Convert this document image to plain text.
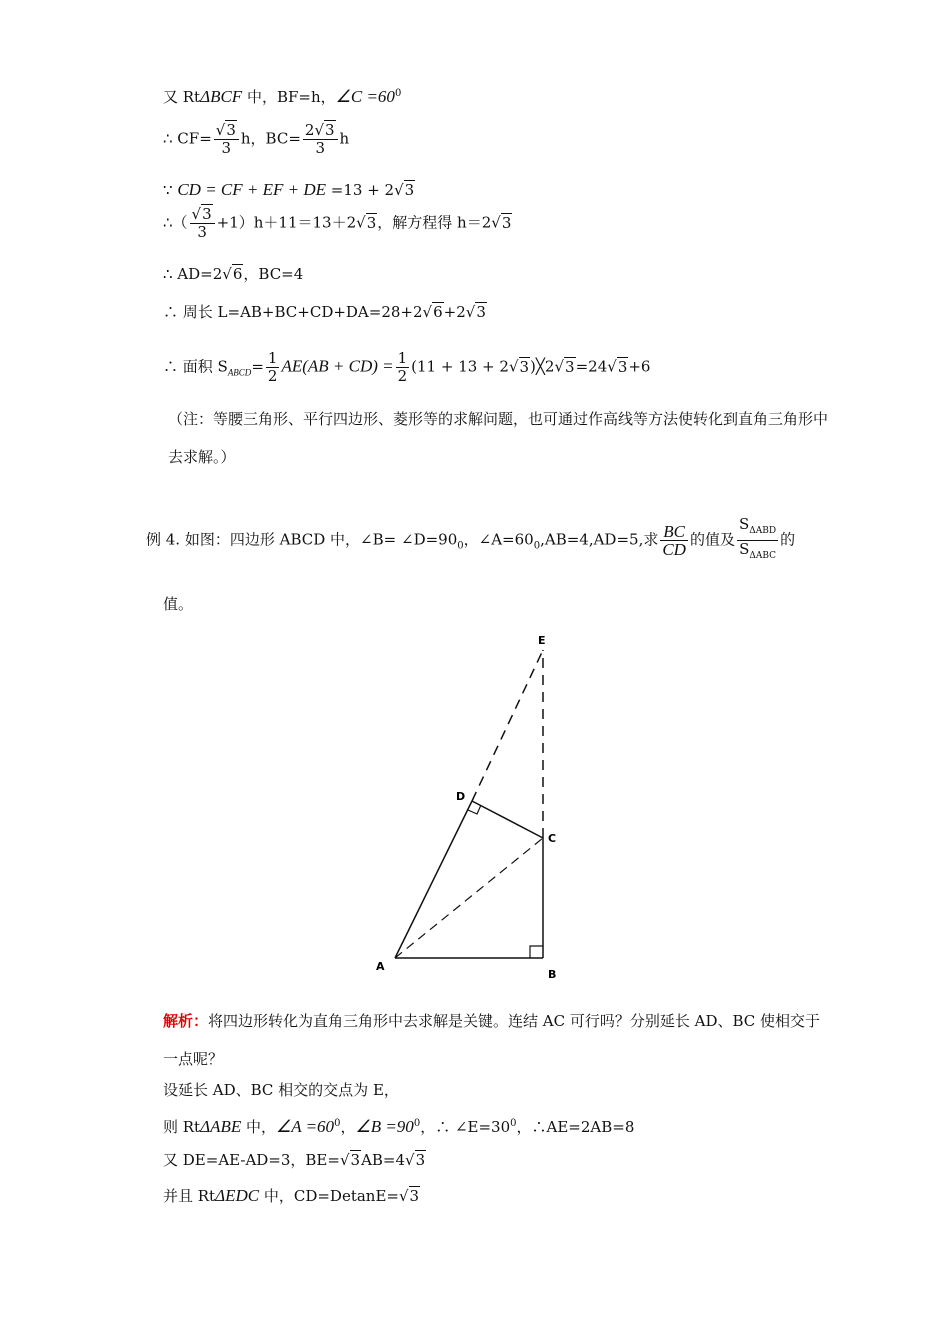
又 RtΔBCF 中，BF=h，∠C $=60^0$
∴ $CF= \frac{√3}{3}$ h，$BC= \frac{2√3}{3}$ h
∵ CD = CF + EF + DE =13 + 2√3
∴（ $\frac{√3}{3} +1)h+11=13+2√3$，解方程得 h＝2√3
∴ AD=2√6，BC=4
∴ 周长 L=AB+BC+CD+DA=28+2√6+2√3
∴ 面积 $S_{ABCD}= \frac{1}{2} AE(AB + CD) = \frac{1}{2} (11 + 13$ + 2√3)╳2√3=24√3+6
（注：等腰三角形、平行四边形、菱形等的求解问题，也可通过作高线等方法使转化到直角三角形中去求解。）
例 4. 如图：四边形 ABCD 中，∠B= $\angle D=90_0$，$\angle A=60_0,AB=4,AD=5$,求 $\frac{BC}{CD}$ 的值及 $\frac{S_{\Delta ABD}}{S_{\Delta ABC}}$ 的
值。
E
D
C
A
B
解析：将四边形转化为直角三角形中去求解是关键。连结 AC 可行吗？分别延长 AD、BC 使相交于一点呢？
设延长 AD、BC 相交的交点为 E，
则 RtΔABE 中，∠A $=60^0$，∠B $=90^0$，∴ $\angle E=30^0$，∴AE=2AB=8
又 DE=AE-AD=3，BE=√3AB=4√3
并且 RtΔEDC 中，CD=DetanE=√3
